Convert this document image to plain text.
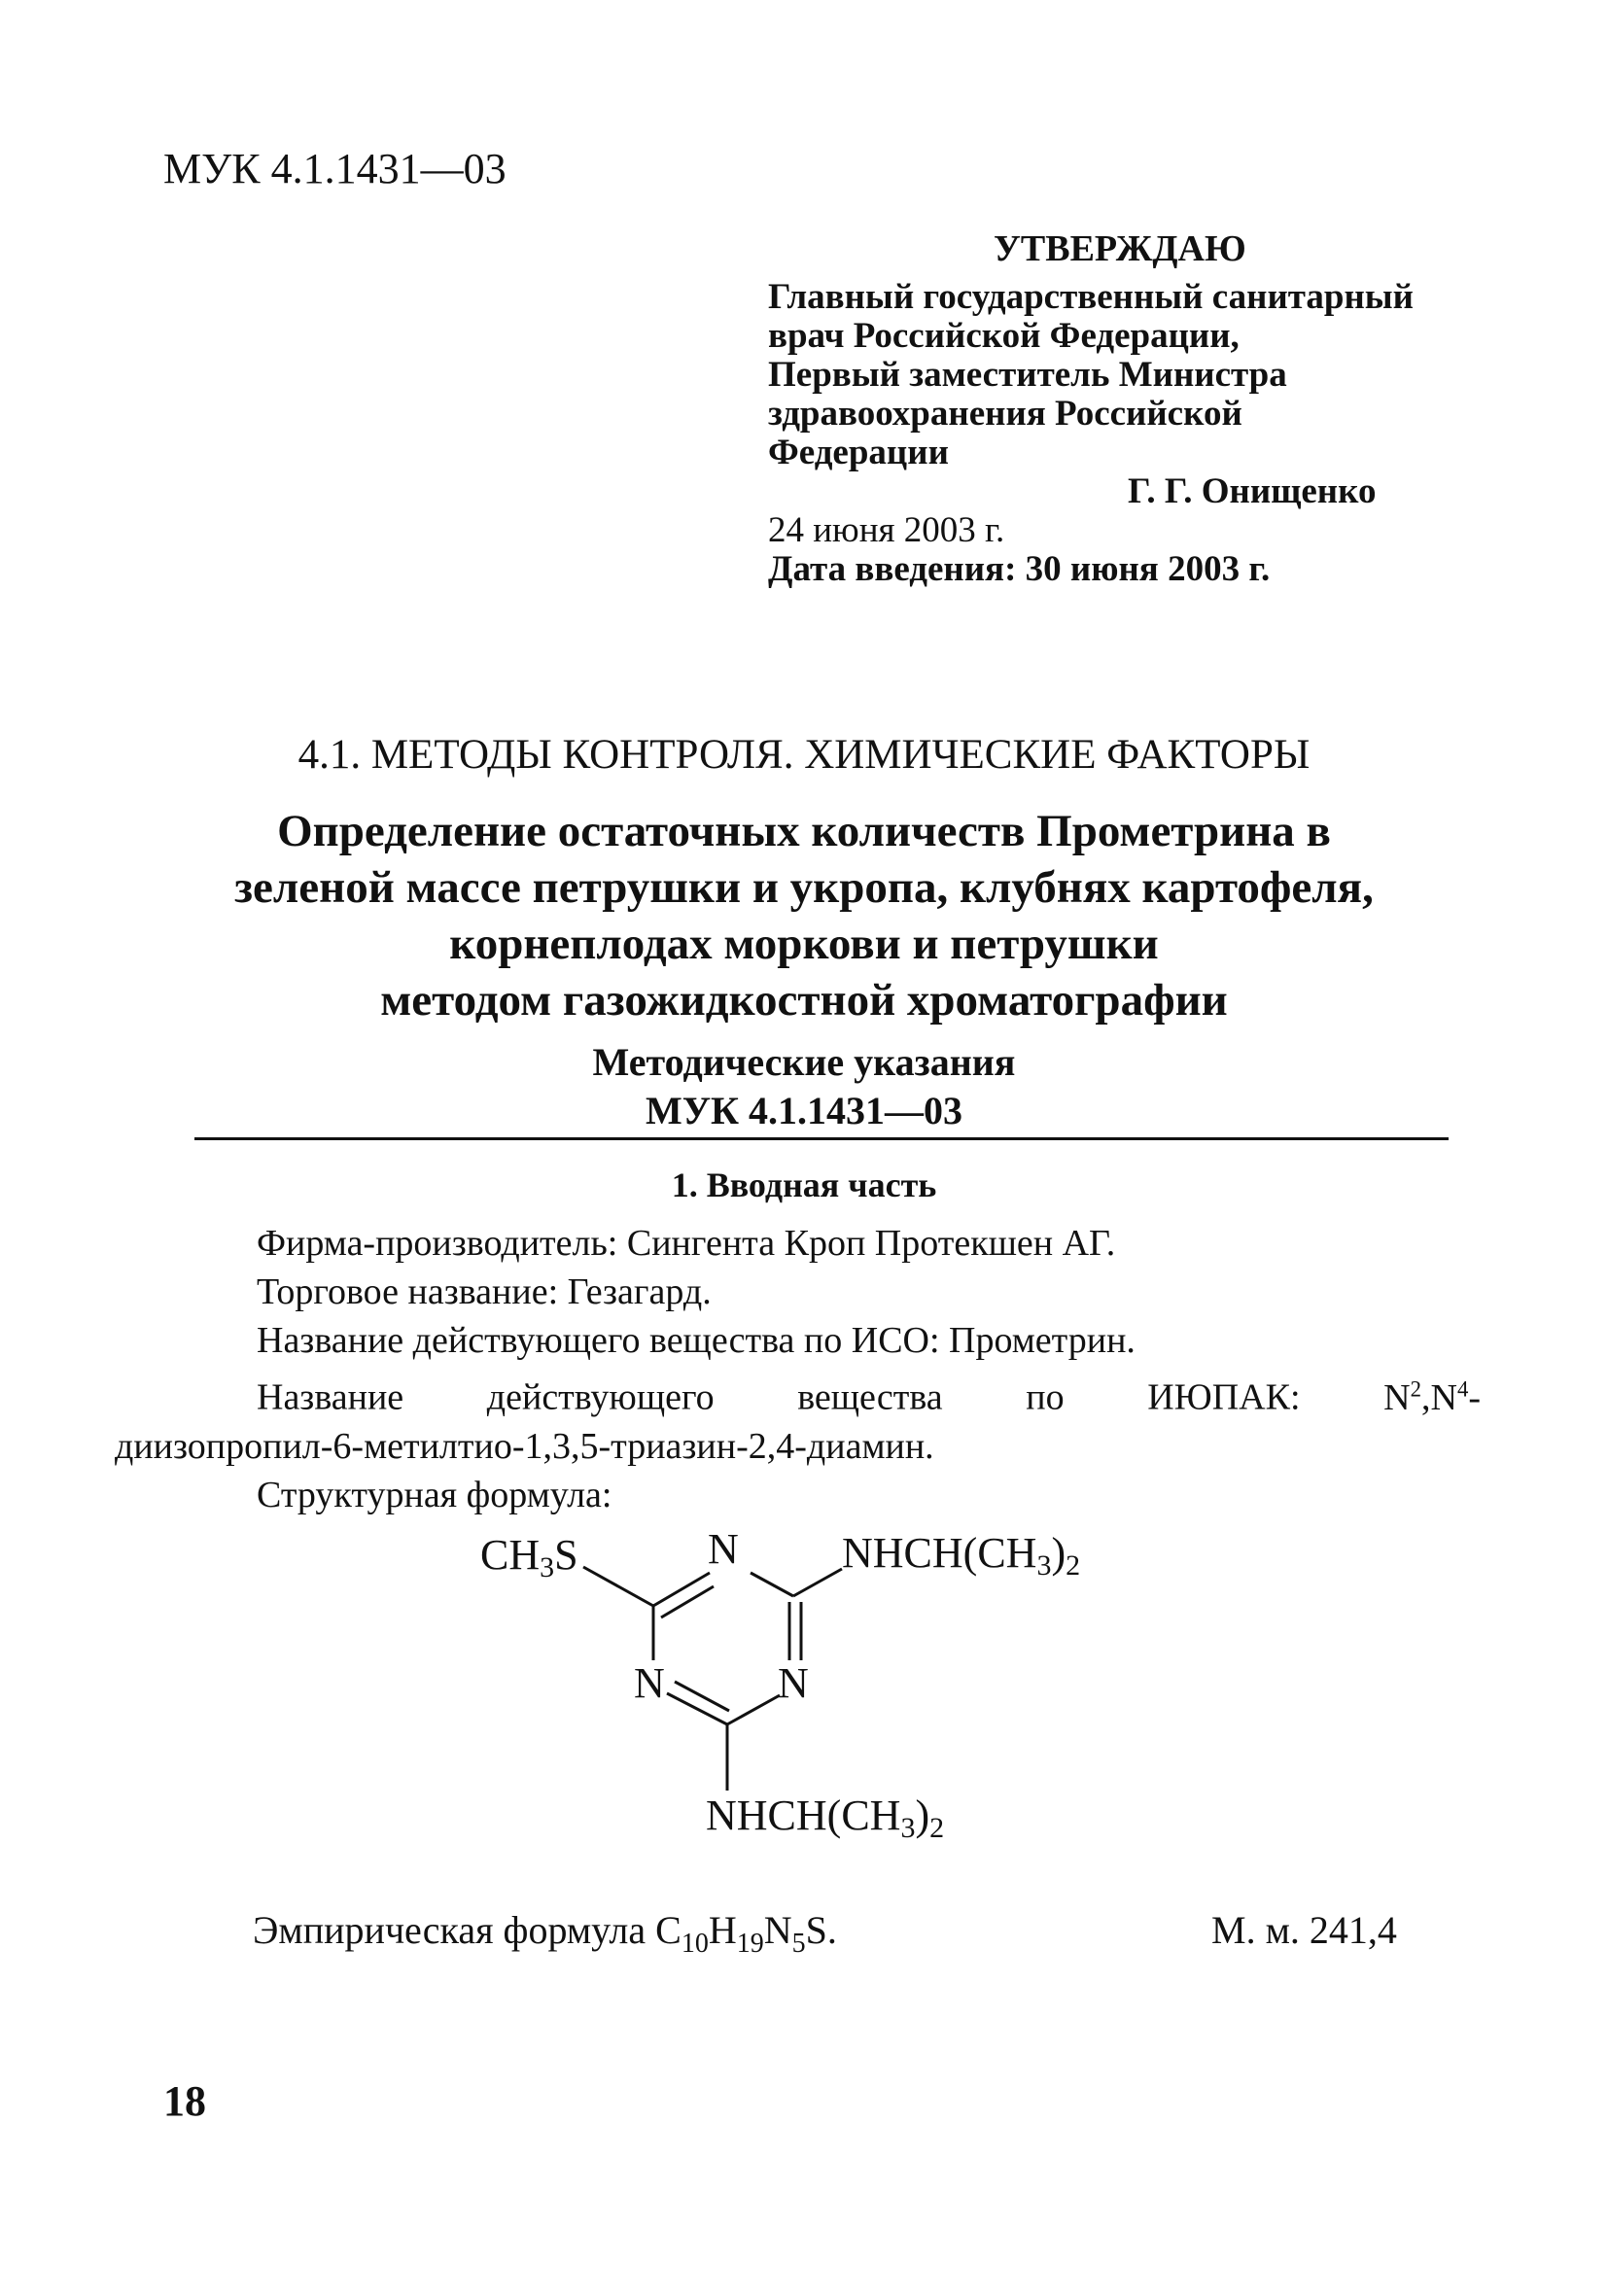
МУК 4.1.1431—03
УТВЕРЖДАЮ
Главный государственный санитарный
врач Российской Федерации,
Первый заместитель Министра
здравоохранения Российской
Федерации
Г. Г. Онищенко
24 июня 2003 г.
Дата введения: 30 июня 2003 г.
4.1. МЕТОДЫ КОНТРОЛЯ. ХИМИЧЕСКИЕ ФАКТОРЫ
Определение остаточных количеств Прометрина в
зеленой массе петрушки и укропа, клубнях картофеля,
корнеплодах моркови и петрушки
методом газожидкостной хроматографии
Методические указания
МУК 4.1.1431—03
1. Вводная часть

Фирма-производитель: Сингента Кроп Протекшен АГ.

Торговое название: Гезагард.

Название действующего вещества по ИСО: Прометрин.

Название действующего вещества по ИЮПАК: $N^2,N^4-$

диизопропил-6-метилтио-1,3,5-триазин-2,4-диамин.

Структурная формула:

CH3S	N NHCH(CH3)2
N	N
NHCH(CH3)2
Эмпирическая формула $C_{10}H_{19}N_5S$.	М. м. 241,4
18
